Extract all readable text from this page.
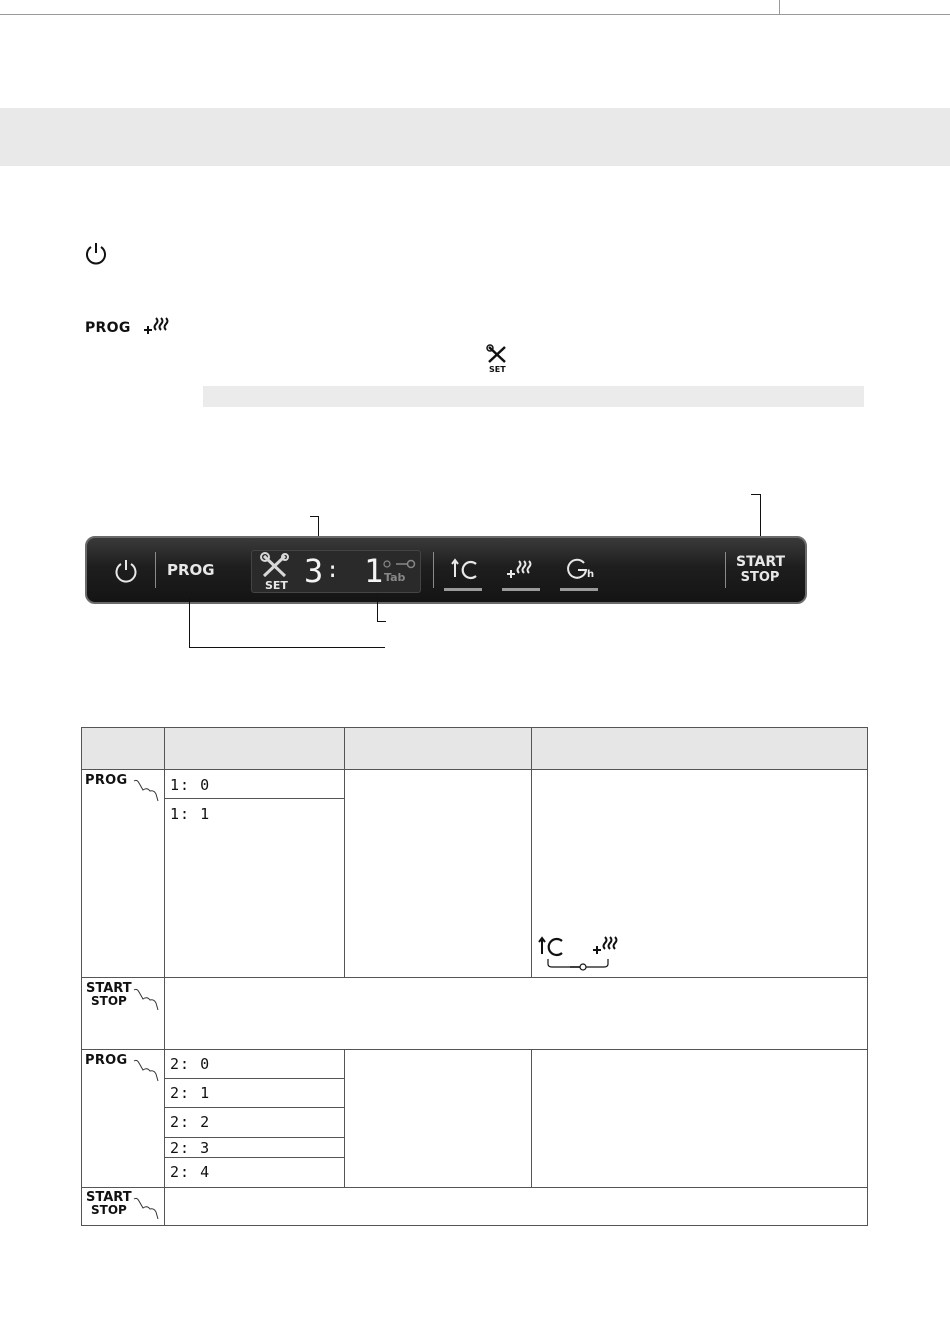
PROG
SET
PROG
SET 3 : 1 Tab	h
START
STOP
PROG	1: 0
1: 1
START
STOP
PROG	2: 0
2: 1
2: 2
2: 3
2: 4
START
STOP
